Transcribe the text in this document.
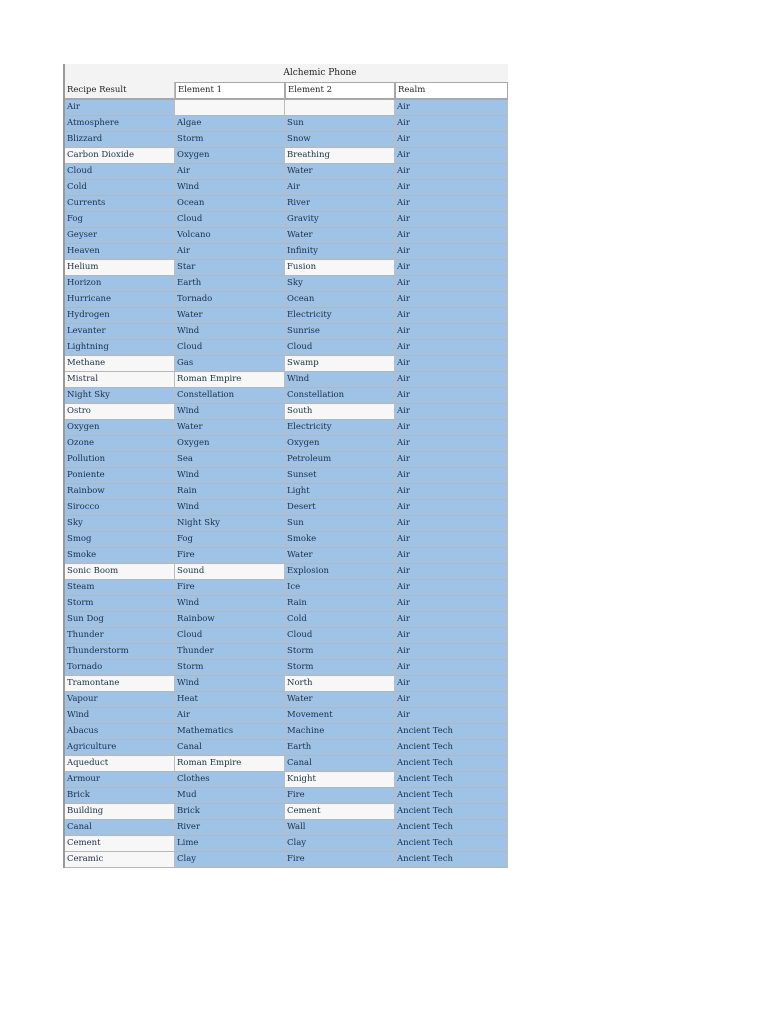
Alchemic Phone
Recipe Result	Element 1	Element 2	Realm
Air			Air
Atmosphere	Algae	Sun	Air
Blizzard	Storm	Snow	Air
Carbon Dioxide	Oxygen	Breathing	Air
Cloud	Air	Water	Air
Cold	Wind	Air	Air
Currents	Ocean	River	Air
Fog	Cloud	Gravity	Air
Geyser	Volcano	Water	Air
Heaven	Air	Infinity	Air
Helium	Star	Fusion	Air
Horizon	Earth	Sky	Air
Hurricane	Tornado	Ocean	Air
Hydrogen	Water	Electricity	Air
Levanter	Wind	Sunrise	Air
Lightning	Cloud	Cloud	Air
Methane	Gas	Swamp	Air
Mistral	Roman Empire	Wind	Air
Night Sky	Constellation	Constellation	Air
Ostro	Wind	South	Air
Oxygen	Water	Electricity	Air
Ozone	Oxygen	Oxygen	Air
Pollution	Sea	Petroleum	Air
Poniente	Wind	Sunset	Air
Rainbow	Rain	Light	Air
Sirocco	Wind	Desert	Air
Sky	Night Sky	Sun	Air
Smog	Fog	Smoke	Air
Smoke	Fire	Water	Air
Sonic Boom	Sound	Explosion	Air
Steam	Fire	Ice	Air
Storm	Wind	Rain	Air
Sun Dog	Rainbow	Cold	Air
Thunder	Cloud	Cloud	Air
Thunderstorm	Thunder	Storm	Air
Tornado	Storm	Storm	Air
Tramontane	Wind	North	Air
Vapour	Heat	Water	Air
Wind	Air	Movement	Air
Abacus	Mathematics	Machine	Ancient Tech
Agriculture	Canal	Earth	Ancient Tech
Aqueduct	Roman Empire	Canal	Ancient Tech
Armour	Clothes	Knight	Ancient Tech
Brick	Mud	Fire	Ancient Tech
Building	Brick	Cement	Ancient Tech
Canal	River	Wall	Ancient Tech
Cement	Lime	Clay	Ancient Tech
Ceramic	Clay	Fire	Ancient Tech
